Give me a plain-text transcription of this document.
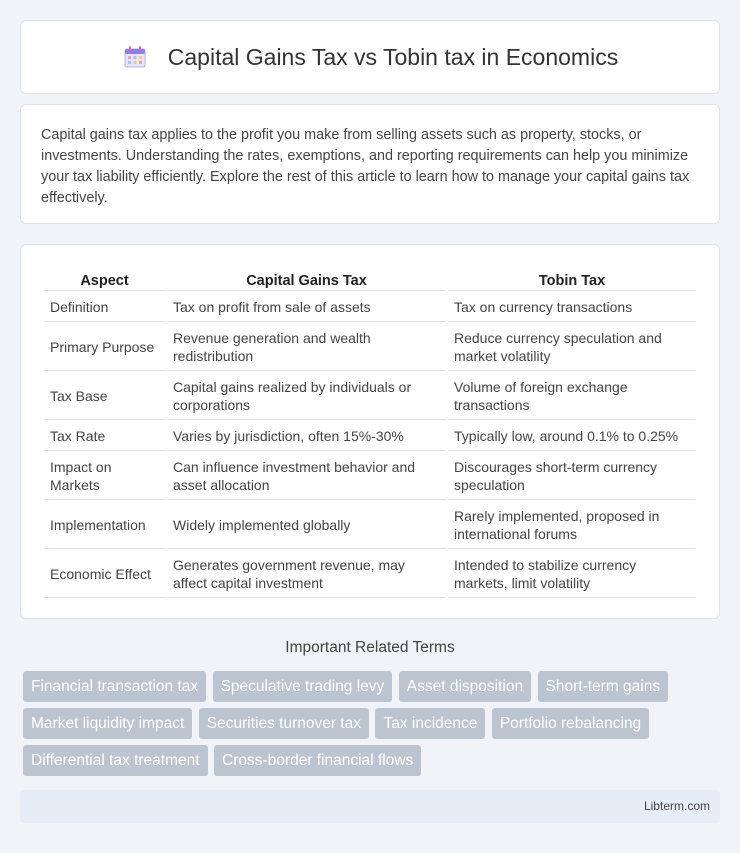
Capital Gains Tax vs Tobin tax in Economics

Capital gains tax applies to the profit you make from selling assets such as property, stocks, or investments. Understanding the rates, exemptions, and reporting requirements can help you minimize your tax liability efficiently. Explore the rest of this article to learn how to manage your capital gains tax effectively.

Aspect	Capital Gains Tax	Tobin Tax
Definition	Tax on profit from sale of assets	Tax on currency transactions
Primary Purpose	Revenue generation and wealth redistribution	Reduce currency speculation and market volatility
Tax Base	Capital gains realized by individuals or corporations	Volume of foreign exchange transactions
Tax Rate	Varies by jurisdiction, often 15%-30%	Typically low, around 0.1% to 0.25%
Impact on Markets	Can influence investment behavior and asset allocation	Discourages short-term currency speculation
Implementation	Widely implemented globally	Rarely implemented, proposed in international forums
Economic Effect	Generates government revenue, may affect capital investment	Intended to stabilize currency markets, limit volatility
Important Related Terms
Financial transaction tax Speculative trading levy Asset disposition Short-term gains Market liquidity impact Securities turnover tax Tax incidence Portfolio rebalancing Differential tax treatment Cross-border financial flows
Libterm.com
